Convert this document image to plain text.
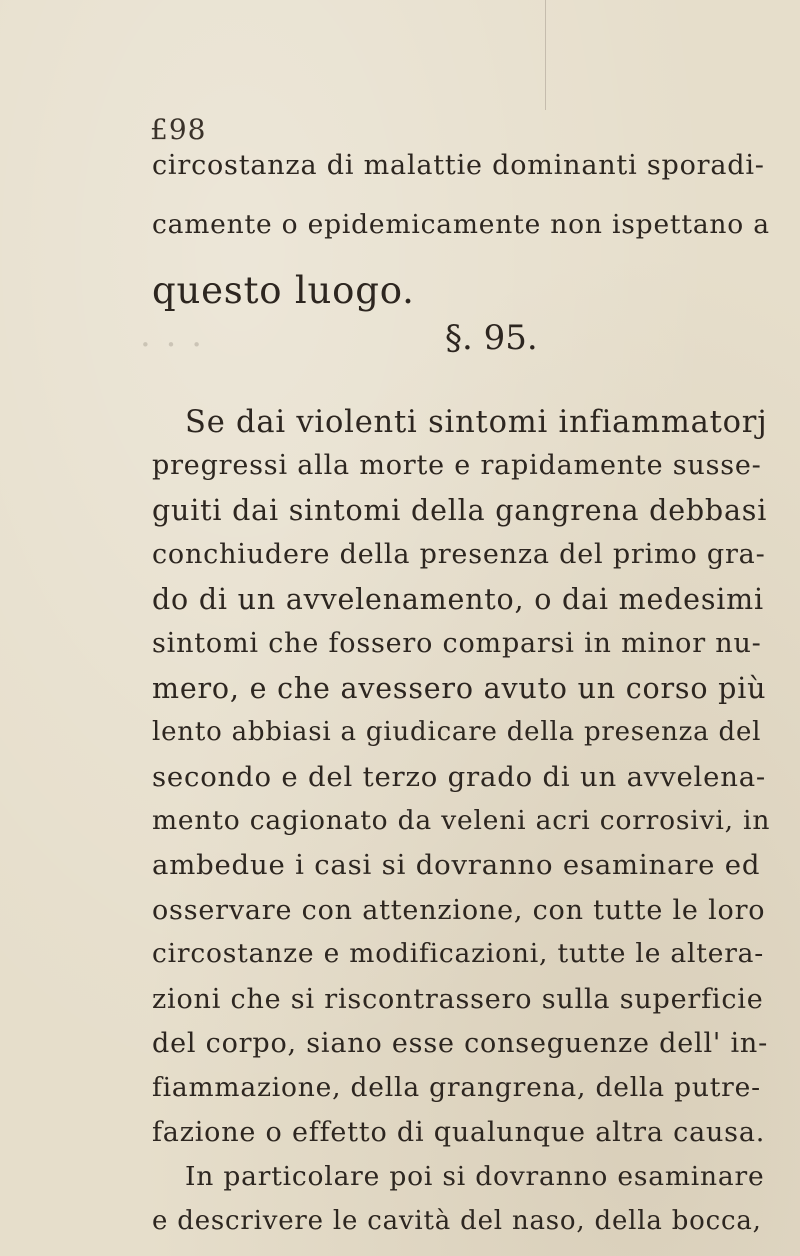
· · ·
£98
circostanza di malattie dominanti sporadi-
camente o epidemicamente non ispettano a
questo luogo.
§. 95.
Se dai violenti sintomi infiammatorj
pregressi alla morte e rapidamente susse-
guiti dai sintomi della gangrena debbasi
conchiudere della presenza del primo gra-
do di un avvelenamento, o dai medesimi
sintomi che fossero comparsi in minor nu-
mero, e che avessero avuto un corso più
lento abbiasi a giudicare della presenza del
secondo e del terzo grado di un avvelena-
mento cagionato da veleni acri corrosivi, in
ambedue i casi si dovranno esaminare ed
osservare con attenzione, con tutte le loro
circostanze e modificazioni, tutte le altera-
zioni che si riscontrassero sulla superficie
del corpo, siano esse conseguenze dell' in-
fiammazione, della grangrena, della putre-
fazione o effetto di qualunque altra causa.
In particolare poi si dovranno esaminare
e descrivere le cavità del naso, della bocca,
